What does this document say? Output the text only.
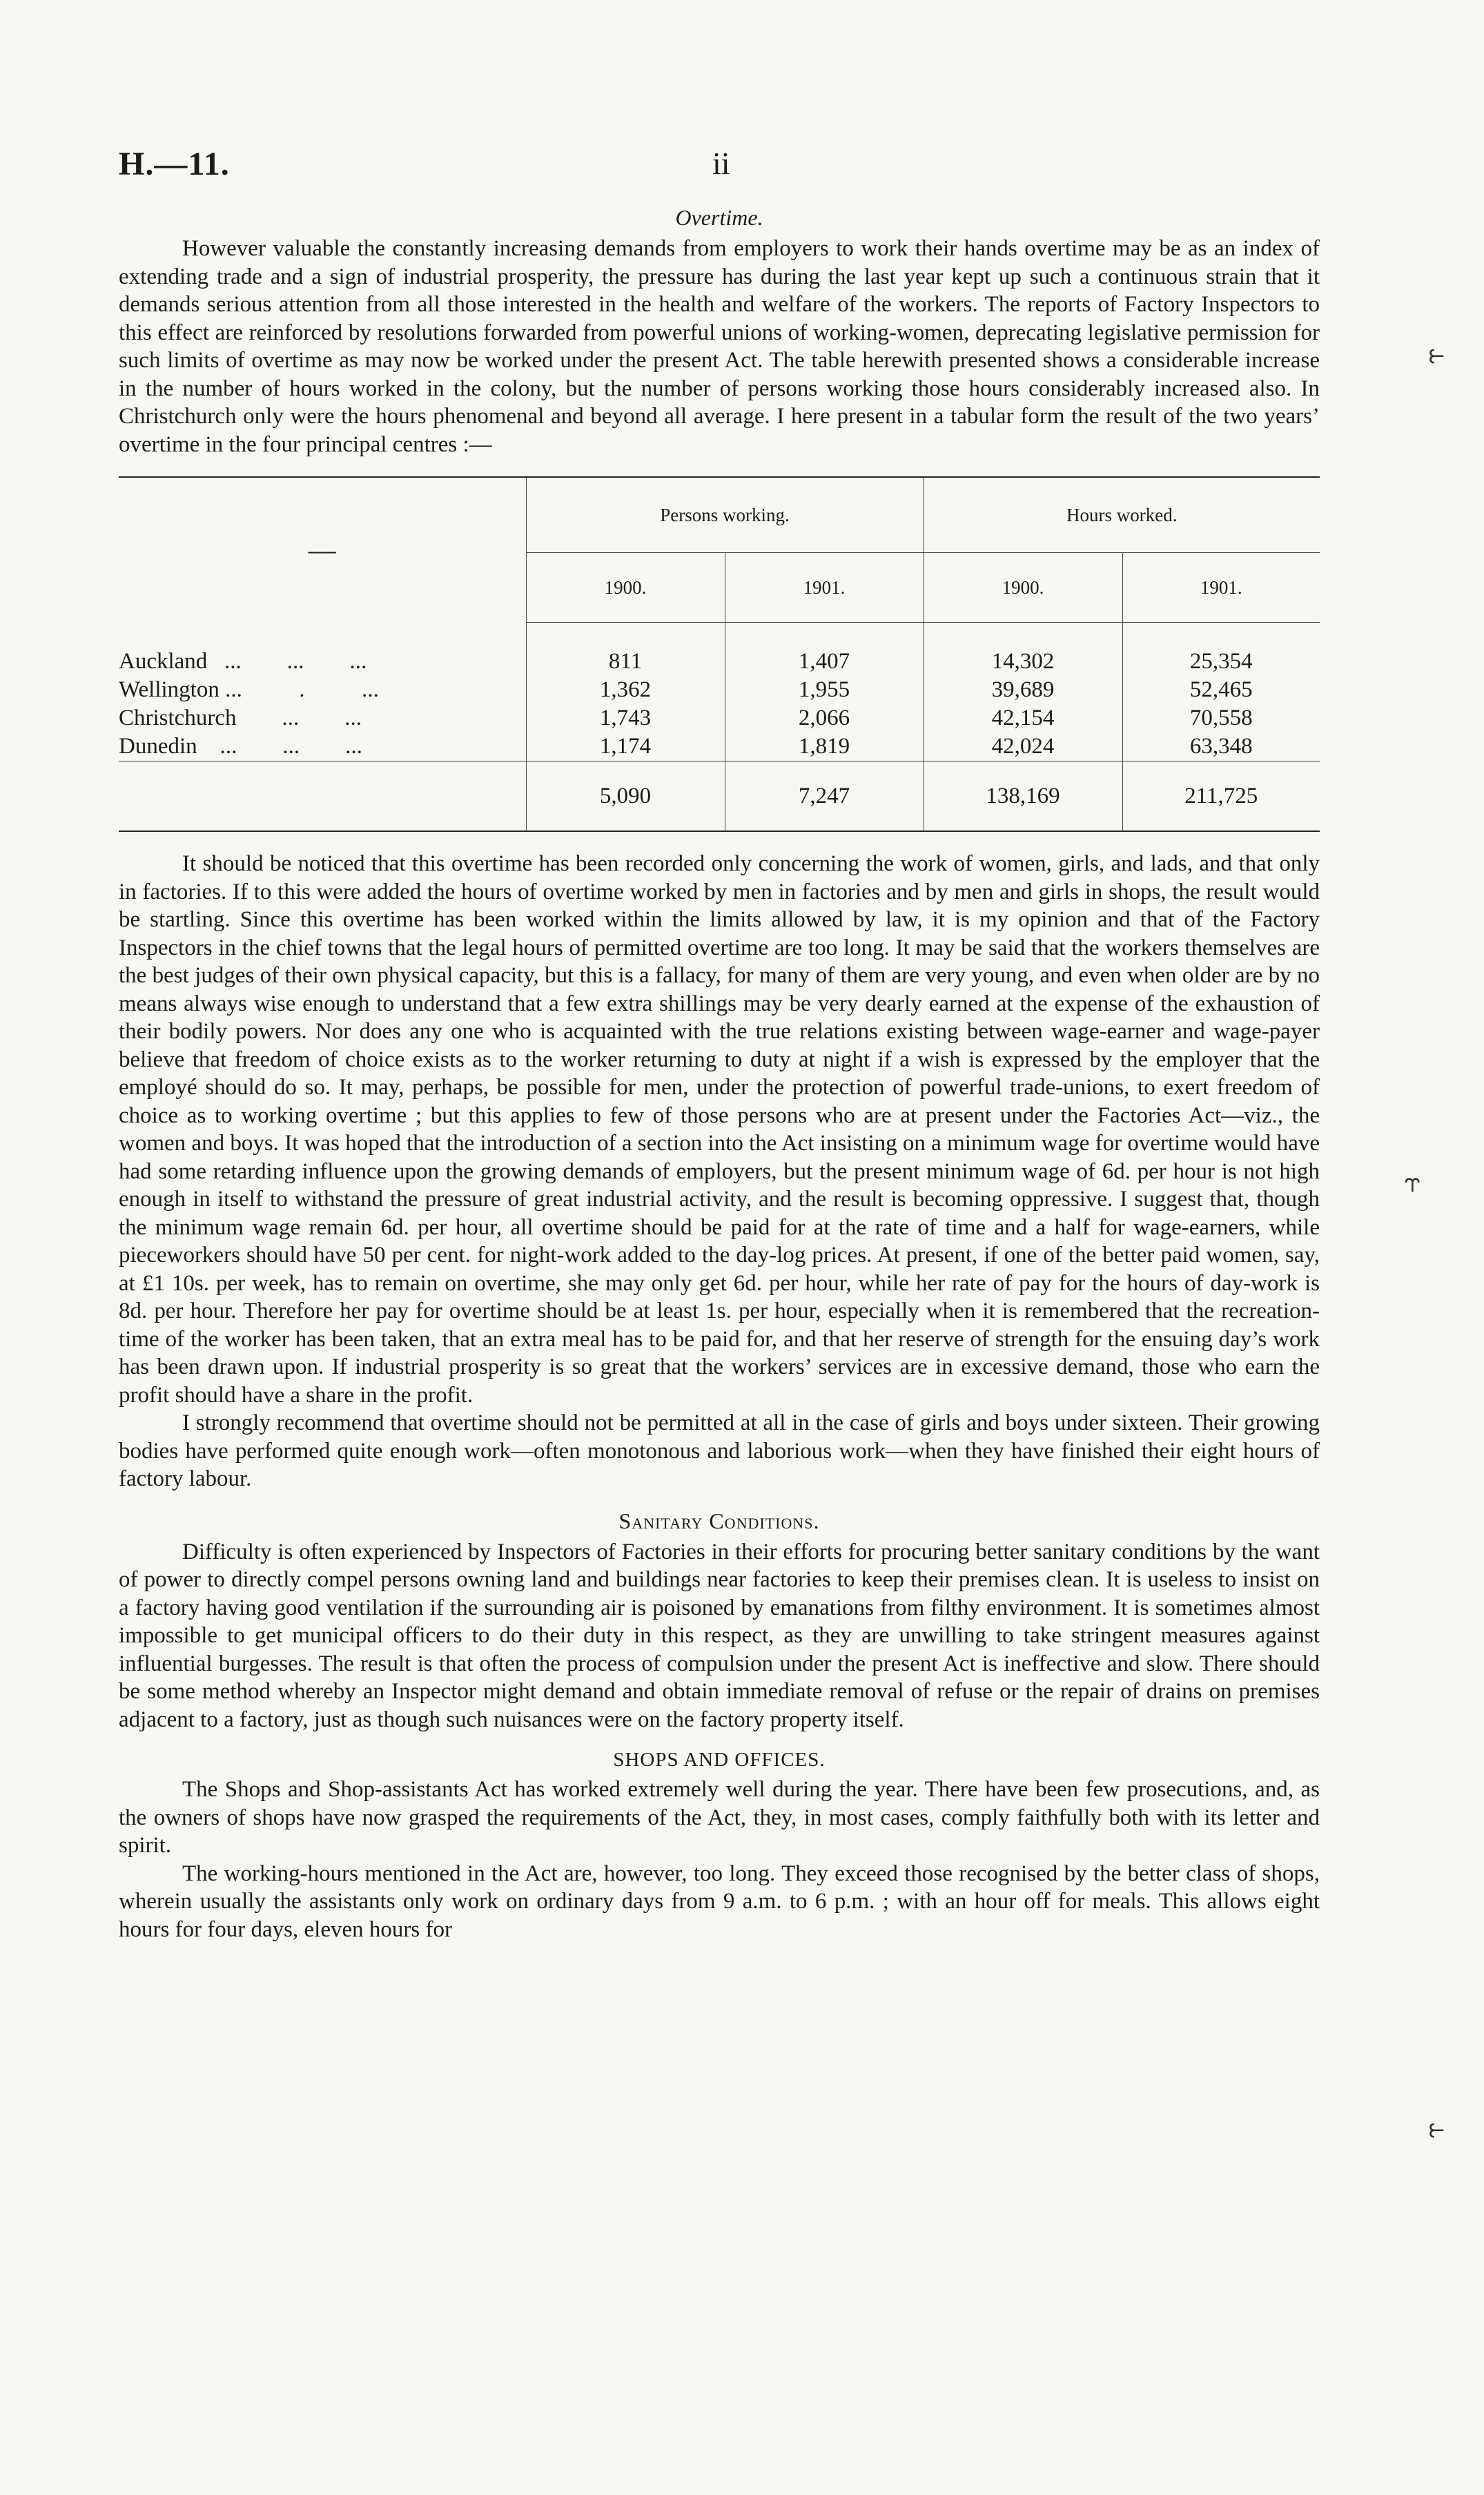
⥼
⥾
⥼
H.—11.	ii
Overtime.

However valuable the constantly increasing demands from employers to work their hands overtime may be as an index of extending trade and a sign of industrial prosperity, the pressure has during the last year kept up such a continuous strain that it demands serious attention from all those interested in the health and welfare of the workers. The reports of Factory Inspectors to this effect are reinforced by resolutions forwarded from powerful unions of working-women, deprecating legislative permission for such limits of overtime as may now be worked under the present Act. The table herewith presented shows a considerable increase in the number of hours worked in the colony, but the number of persons working those hours considerably increased also. In Christchurch only were the hours phenomenal and beyond all average. I here present in a tabular form the result of the two years’ overtime in the four principal centres :—

—	Persons working.		Hours worked.	
	1900.	1901.	1900.	1901.

Auckland   ...        ...        ...	811	1,407	14,302	25,354
Wellington ...          .          ...	1,362	1,955	39,689	52,465
Christchurch        ...        ...	1,743	2,066	42,154	70,558
Dunedin    ...        ...        ...	1,174	1,819	42,024	63,348
	5,090	7,247	138,169	211,725

It should be noticed that this overtime has been recorded only concerning the work of women, girls, and lads, and that only in factories. If to this were added the hours of overtime worked by men in factories and by men and girls in shops, the result would be startling. Since this overtime has been worked within the limits allowed by law, it is my opinion and that of the Factory Inspectors in the chief towns that the legal hours of permitted overtime are too long. It may be said that the workers themselves are the best judges of their own physical capacity, but this is a fallacy, for many of them are very young, and even when older are by no means always wise enough to understand that a few extra shillings may be very dearly earned at the expense of the exhaustion of their bodily powers. Nor does any one who is acquainted with the true relations existing between wage-earner and wage-payer believe that freedom of choice exists as to the worker returning to duty at night if a wish is expressed by the employer that the employé should do so. It may, perhaps, be possible for men, under the protection of powerful trade-unions, to exert freedom of choice as to working overtime ; but this applies to few of those persons who are at present under the Factories Act—viz., the women and boys. It was hoped that the introduction of a section into the Act insisting on a minimum wage for overtime would have had some retarding influence upon the growing demands of employers, but the present minimum wage of 6d. per hour is not high enough in itself to withstand the pressure of great industrial activity, and the result is becoming oppressive. I suggest that, though the minimum wage remain 6d. per hour, all overtime should be paid for at the rate of time and a half for wage-earners, while pieceworkers should have 50 per cent. for night-work added to the day-log prices. At present, if one of the better paid women, say, at £1 10s. per week, has to remain on overtime, she may only get 6d. per hour, while her rate of pay for the hours of day-work is 8d. per hour. Therefore her pay for overtime should be at least 1s. per hour, especially when it is remembered that the recreation-time of the worker has been taken, that an extra meal has to be paid for, and that her reserve of strength for the ensuing day’s work has been drawn upon. If industrial prosperity is so great that the workers’ services are in excessive demand, those who earn the profit should have a share in the profit.

I strongly recommend that overtime should not be permitted at all in the case of girls and boys under sixteen. Their growing bodies have performed quite enough work—often monotonous and laborious work—when they have finished their eight hours of factory labour.

Sanitary Conditions.

Difficulty is often experienced by Inspectors of Factories in their efforts for procuring better sanitary conditions by the want of power to directly compel persons owning land and buildings near factories to keep their premises clean. It is useless to insist on a factory having good ventilation if the surrounding air is poisoned by emanations from filthy environment. It is sometimes almost impossible to get municipal officers to do their duty in this respect, as they are unwilling to take stringent measures against influential burgesses. The result is that often the process of compulsion under the present Act is ineffective and slow. There should be some method whereby an Inspector might demand and obtain immediate removal of refuse or the repair of drains on premises adjacent to a factory, just as though such nuisances were on the factory property itself.

SHOPS AND OFFICES.

The Shops and Shop-assistants Act has worked extremely well during the year. There have been few prosecutions, and, as the owners of shops have now grasped the requirements of the Act, they, in most cases, comply faithfully both with its letter and spirit.

The working-hours mentioned in the Act are, however, too long. They exceed those recognised by the better class of shops, wherein usually the assistants only work on ordinary days from 9 a.m. to 6 p.m. ; with an hour off for meals. This allows eight hours for four days, eleven hours for
